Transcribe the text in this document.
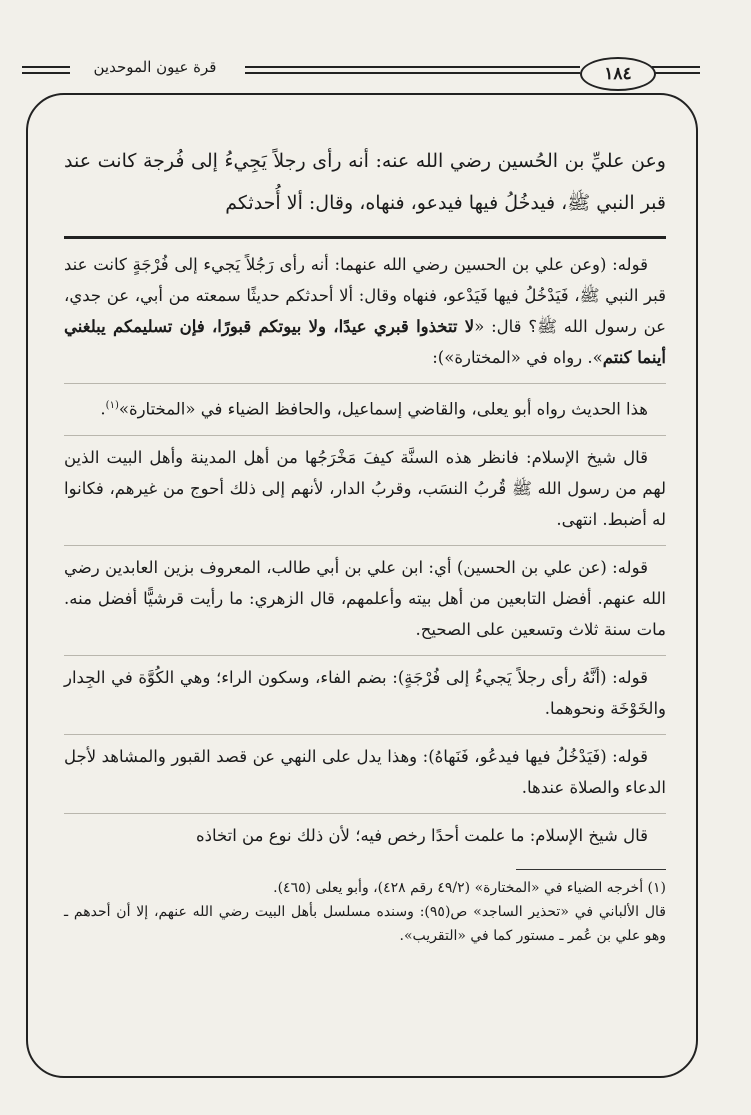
قرة عيون الموحدين	١٨٤

وعن عليِّ بن الحُسين رضي الله عنه: أنه رأى رجلاً يَجِيءُ إلى فُرجة كانت عند قبر النبي ﷺ، فيدخُلُ فيها فيدعو، فنهاه، وقال: ألا أُحدثكم

قوله: (وعن علي بن الحسين رضي الله عنهما: أنه رأى رَجُلاً يَجيء إلى فُرْجَةٍ كانت عند قبر النبي ﷺ، فَيَدْخُلُ فيها فَيَدْعو، فنهاه وقال: ألا أحدثكم حديثًا سمعته من أبي، عن جدي، عن رسول الله ﷺ؟ قال: «لا تتخذوا قبري عيدًا، ولا بيوتكم قبورًا، فإن تسليمكم يبلغني أينما كنتم». رواه في «المختارة»):

هذا الحديث رواه أبو يعلى، والقاضي إسماعيل، والحافظ الضياء في «المختارة»$^{(١)}$.

قال شيخ الإسلام: فانظر هذه السنَّة كيفَ مَخْرَجُها من أهل المدينة وأهل البيت الذين لهم من رسول الله ﷺ قُربُ النسَب، وقربُ الدار، لأنهم إلى ذلك أحوج من غيرهم، فكانوا له أضبط. انتهى.

قوله: (عن علي بن الحسين) أي: ابن علي بن أبي طالب، المعروف بزين العابدين رضي الله عنهم. أفضل التابعين من أهل بيته وأعلمهم، قال الزهري: ما رأيت قرشيًّا أفضل منه. مات سنة ثلاث وتسعين على الصحيح.

قوله: (أنَّهُ رأى رجلاً يَجيءُ إلى فُرْجَةٍ): بضم الفاء، وسكون الراء؛ وهي الكُوَّة في الجِدار والخَوْخَة ونحوهما.

قوله: (فَيَدْخُلُ فيها فيدعُو، فَنَهاهُ): وهذا يدل على النهي عن قصد القبور والمشاهد لأجل الدعاء والصلاة عندها.

قال شيخ الإسلام: ما علمت أحدًا رخص فيه؛ لأن ذلك نوع من اتخاذه

(١) أخرجه الضياء في «المختارة» (٤٩/٢ رقم ٤٢٨)، وأبو يعلى (٤٦٥).

قال الألباني في «تحذير الساجد» ص(٩٥): وسنده مسلسل بأهل البيت رضي الله عنهم، إلا أن أحدهم ـ وهو علي بن عُمر ـ مستور كما في «التقريب».
